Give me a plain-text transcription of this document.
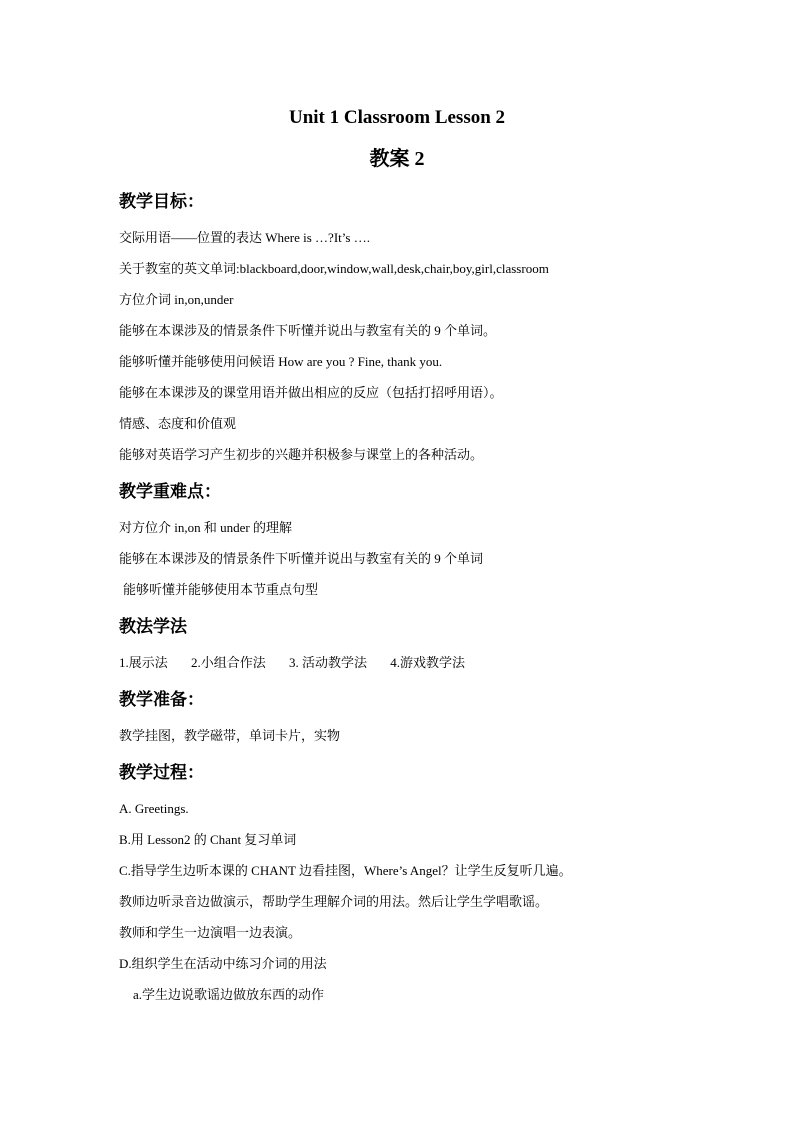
Unit 1 Classroom Lesson 2
教案 2
教学目标：
交际用语——位置的表达 Where is …?It’s ….
关于教室的英文单词:blackboard,door,window,wall,desk,chair,boy,girl,classroom
方位介词 in,on,under
能够在本课涉及的情景条件下听懂并说出与教室有关的 9 个单词。
能够听懂并能够使用问候语 How are you ? Fine, thank you.
能够在本课涉及的课堂用语并做出相应的反应（包括打招呼用语）。
情感、态度和价值观
能够对英语学习产生初步的兴趣并积极参与课堂上的各种活动。
教学重难点：
对方位介 in,on 和 under 的理解
能够在本课涉及的情景条件下听懂并说出与教室有关的 9 个单词
能够听懂并能够使用本节重点句型
教法学法
1.展示法 2.小组合作法 3. 活动教学法 4.游戏教学法
教学准备：
教学挂图，教学磁带，单词卡片，实物
教学过程：
A. Greetings.
B.用 Lesson2 的 Chant 复习单词
C.指导学生边听本课的 CHANT 边看挂图，Where’s Angel？让学生反复听几遍。
教师边听录音边做演示，帮助学生理解介词的用法。然后让学生学唱歌谣。
教师和学生一边演唱一边表演。
D.组织学生在活动中练习介词的用法
a.学生边说歌谣边做放东西的动作
